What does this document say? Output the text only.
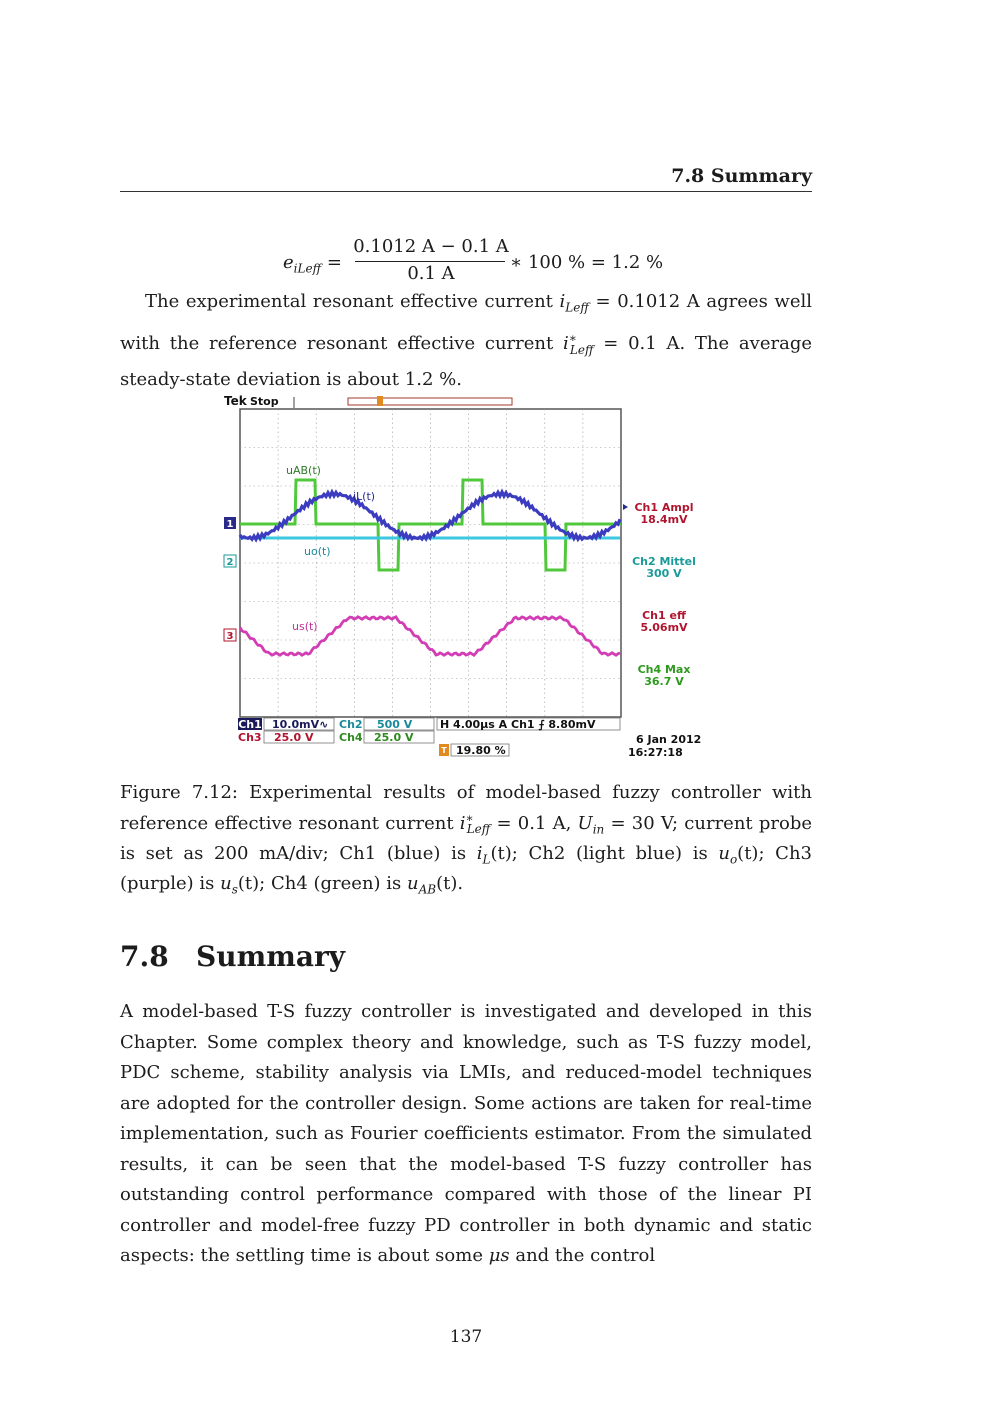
7.8 Summary
$e_{iLeff}$ =
0.1012 A − 0.1 A
0.1 A
∗ 100 % = 1.2 %
The experimental resonant effective current $i_{Leff} = 0.1012$ A agrees well with the reference resonant effective current $i^∗_{Leff} = 0.1$ A. The average steady-state deviation is about 1.2 %.
Tek Stop
uAB(t)
iL(t)
uo(t)
us(t)
1
2
3
Ch1 Ampl
18.4mV
Ch2 Mittel
300 V
Ch1 eff
5.06mV
Ch4 Max
36.7 V
Ch1 10.0mV∿ Ch2 500 V	H 4.00μs A Ch1 ⨍ 8.80mV
Ch3 25.0 V Ch4 25.0 V
T 19.80 %
6 Jan 2012
16:27:18
Figure 7.12: Experimental results of model-based fuzzy controller with reference effective resonant current $i^∗_{Leff} = 0.1$ A, $U_{in} = 30$ V; current probe is set as 200 mA/div; Ch1 (blue) is $i_L(t)$; Ch2 (light blue) is $u_o(t)$; Ch3 (purple) is $u_s(t)$; Ch4 (green) is $u_{AB}(t)$.
7.8 Summary
A model-based T-S fuzzy controller is investigated and developed in this Chapter. Some complex theory and knowledge, such as T-S fuzzy model, PDC scheme, stability analysis via LMIs, and reduced-model techniques are adopted for the controller design. Some actions are taken for real-time implementation, such as Fourier coefficients estimator. From the simulated results, it can be seen that the model-based T-S fuzzy controller has outstanding control performance compared with those of the linear PI controller and model-free fuzzy PD controller in both dynamic and static aspects: the settling time is about some μs and the control
137
